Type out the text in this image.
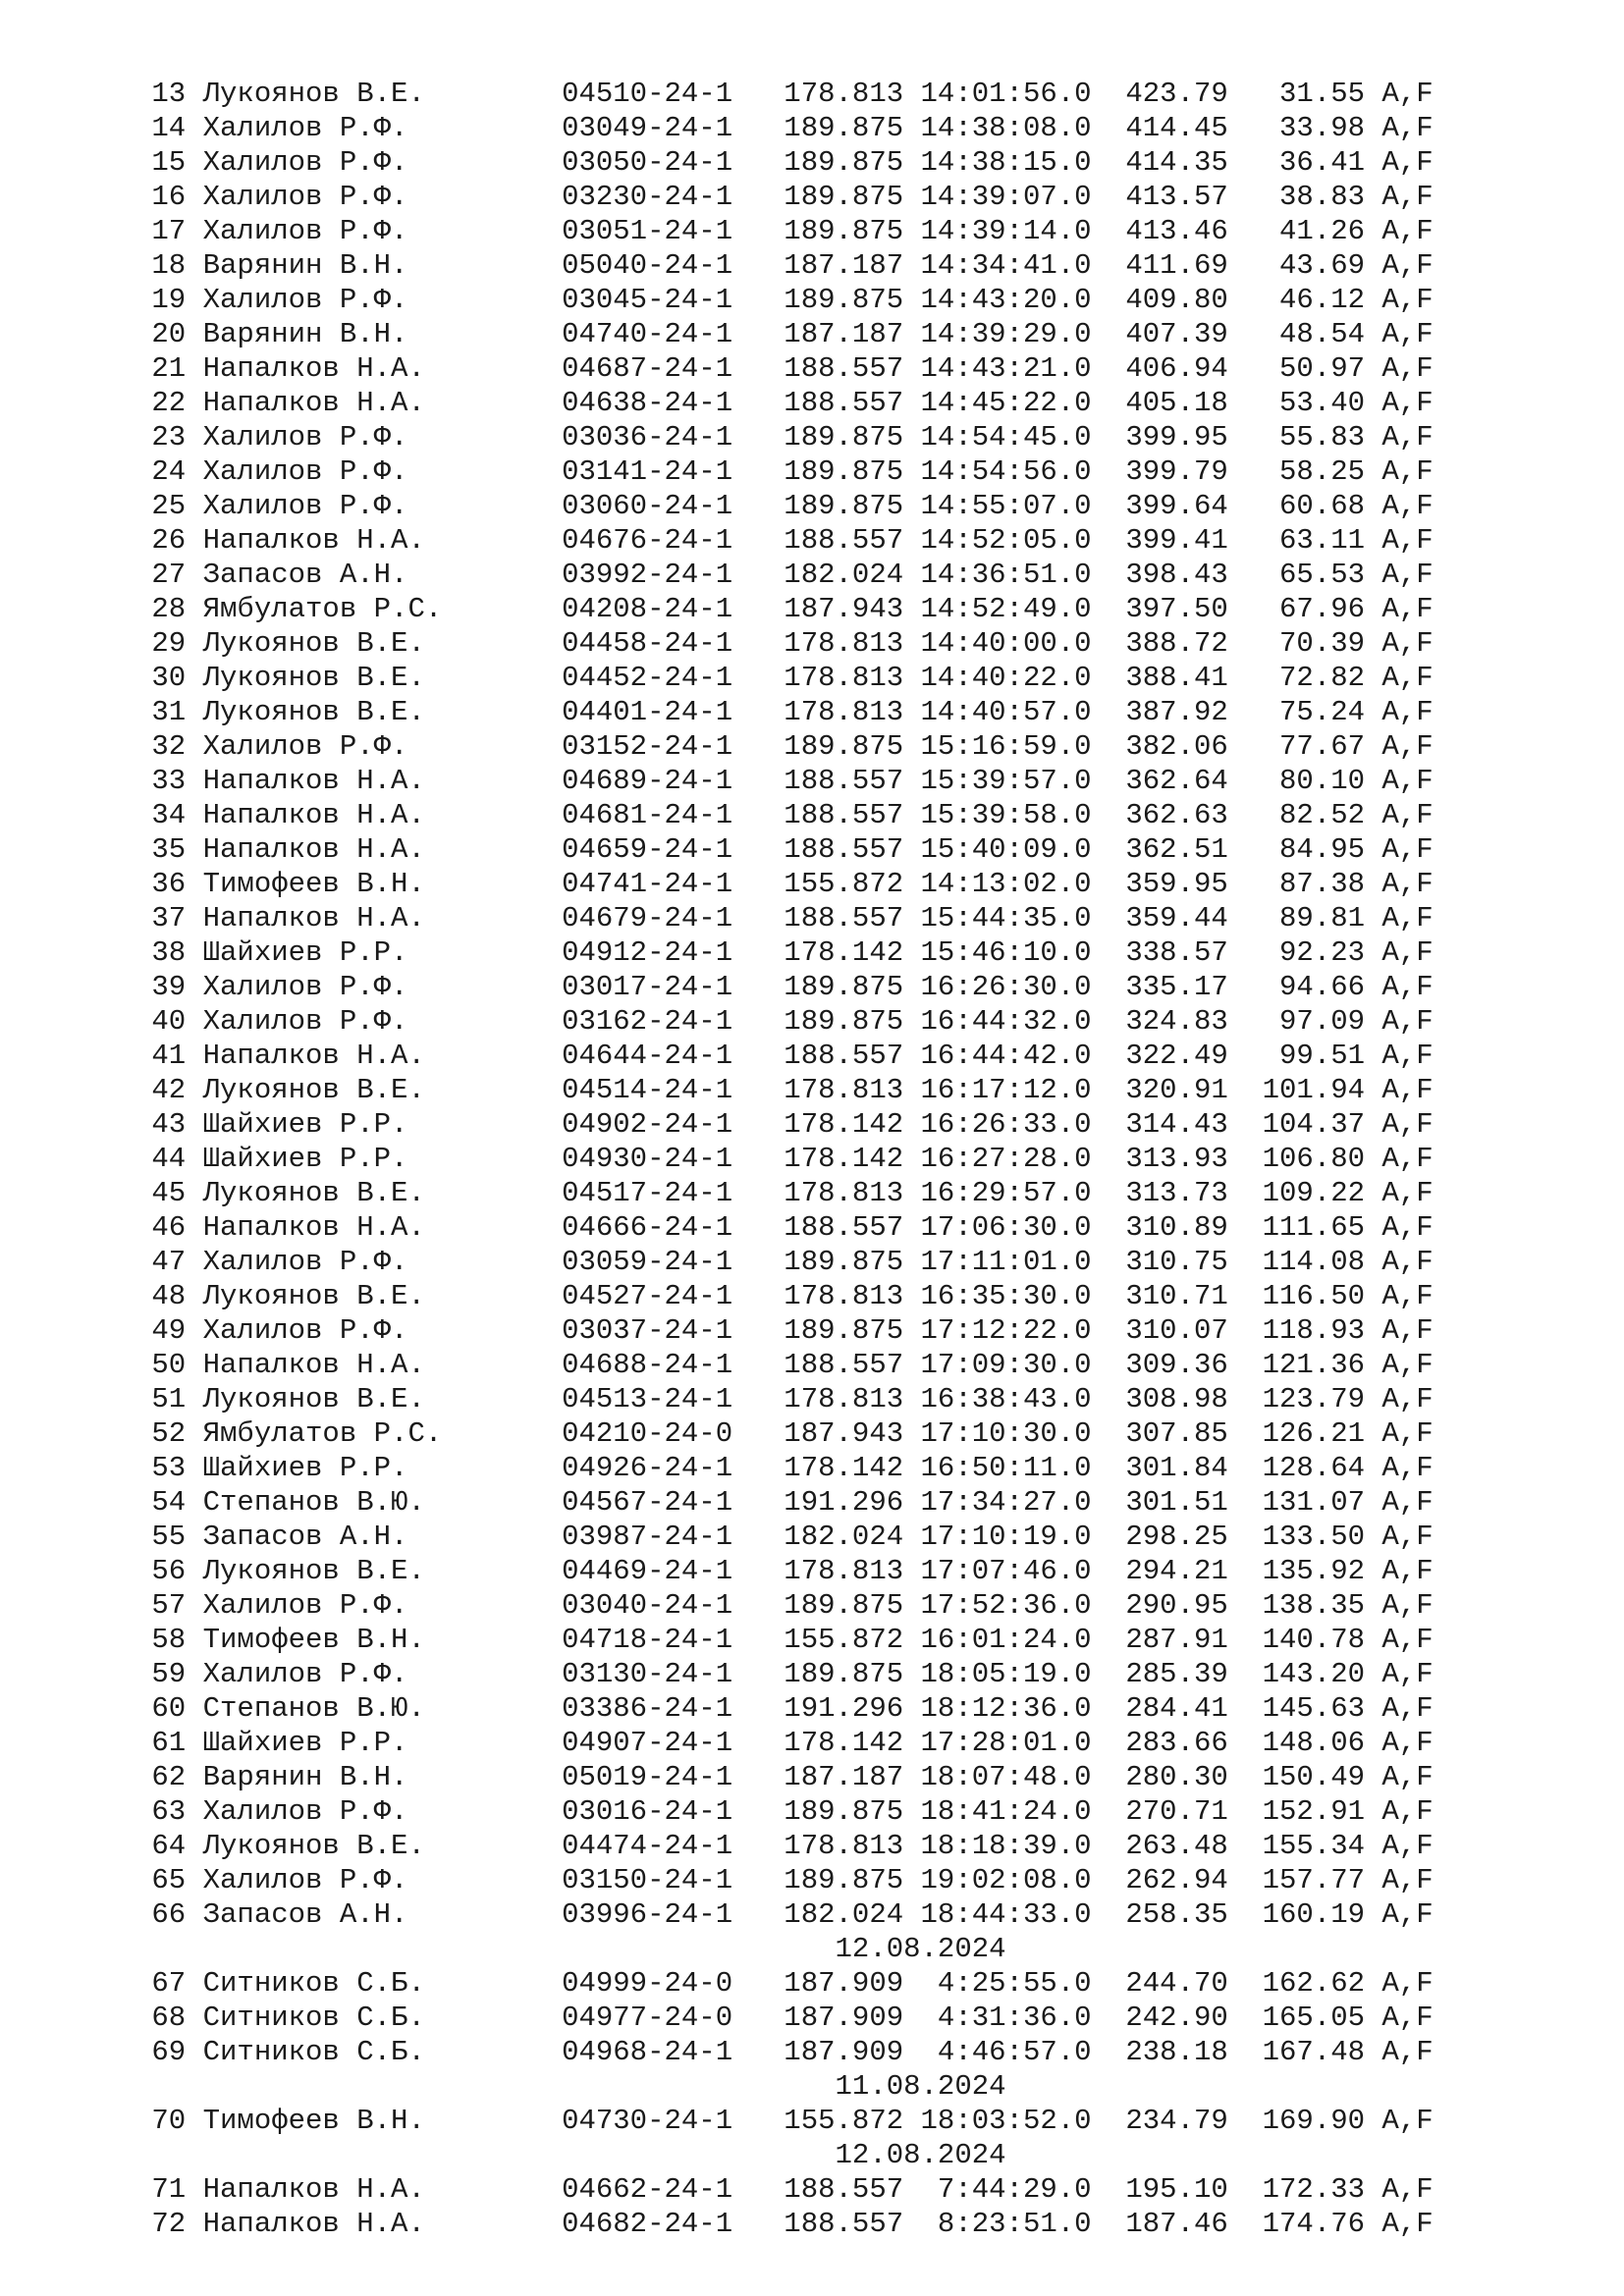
13 Лукоянов В.Е.        04510-24-1   178.813 14:01:56.0  423.79   31.55 A,F
14 Халилов Р.Ф.         03049-24-1   189.875 14:38:08.0  414.45   33.98 A,F
15 Халилов Р.Ф.         03050-24-1   189.875 14:38:15.0  414.35   36.41 A,F
16 Халилов Р.Ф.         03230-24-1   189.875 14:39:07.0  413.57   38.83 A,F
17 Халилов Р.Ф.         03051-24-1   189.875 14:39:14.0  413.46   41.26 A,F
18 Варянин В.Н.         05040-24-1   187.187 14:34:41.0  411.69   43.69 A,F
19 Халилов Р.Ф.         03045-24-1   189.875 14:43:20.0  409.80   46.12 A,F
20 Варянин В.Н.         04740-24-1   187.187 14:39:29.0  407.39   48.54 A,F
21 Напалков Н.А.        04687-24-1   188.557 14:43:21.0  406.94   50.97 A,F
22 Напалков Н.А.        04638-24-1   188.557 14:45:22.0  405.18   53.40 A,F
23 Халилов Р.Ф.         03036-24-1   189.875 14:54:45.0  399.95   55.83 A,F
24 Халилов Р.Ф.         03141-24-1   189.875 14:54:56.0  399.79   58.25 A,F
25 Халилов Р.Ф.         03060-24-1   189.875 14:55:07.0  399.64   60.68 A,F
26 Напалков Н.А.        04676-24-1   188.557 14:52:05.0  399.41   63.11 A,F
27 Запасов А.Н.         03992-24-1   182.024 14:36:51.0  398.43   65.53 A,F
28 Ямбулатов Р.С.       04208-24-1   187.943 14:52:49.0  397.50   67.96 A,F
29 Лукоянов В.Е.        04458-24-1   178.813 14:40:00.0  388.72   70.39 A,F
30 Лукоянов В.Е.        04452-24-1   178.813 14:40:22.0  388.41   72.82 A,F
31 Лукоянов В.Е.        04401-24-1   178.813 14:40:57.0  387.92   75.24 A,F
32 Халилов Р.Ф.         03152-24-1   189.875 15:16:59.0  382.06   77.67 A,F
33 Напалков Н.А.        04689-24-1   188.557 15:39:57.0  362.64   80.10 A,F
34 Напалков Н.А.        04681-24-1   188.557 15:39:58.0  362.63   82.52 A,F
35 Напалков Н.А.        04659-24-1   188.557 15:40:09.0  362.51   84.95 A,F
36 Тимофеев В.Н.        04741-24-1   155.872 14:13:02.0  359.95   87.38 A,F
37 Напалков Н.А.        04679-24-1   188.557 15:44:35.0  359.44   89.81 A,F
38 Шайхиев Р.Р.         04912-24-1   178.142 15:46:10.0  338.57   92.23 A,F
39 Халилов Р.Ф.         03017-24-1   189.875 16:26:30.0  335.17   94.66 A,F
40 Халилов Р.Ф.         03162-24-1   189.875 16:44:32.0  324.83   97.09 A,F
41 Напалков Н.А.        04644-24-1   188.557 16:44:42.0  322.49   99.51 A,F
42 Лукоянов В.Е.        04514-24-1   178.813 16:17:12.0  320.91  101.94 A,F
43 Шайхиев Р.Р.         04902-24-1   178.142 16:26:33.0  314.43  104.37 A,F
44 Шайхиев Р.Р.         04930-24-1   178.142 16:27:28.0  313.93  106.80 A,F
45 Лукоянов В.Е.        04517-24-1   178.813 16:29:57.0  313.73  109.22 A,F
46 Напалков Н.А.        04666-24-1   188.557 17:06:30.0  310.89  111.65 A,F
47 Халилов Р.Ф.         03059-24-1   189.875 17:11:01.0  310.75  114.08 A,F
48 Лукоянов В.Е.        04527-24-1   178.813 16:35:30.0  310.71  116.50 A,F
49 Халилов Р.Ф.         03037-24-1   189.875 17:12:22.0  310.07  118.93 A,F
50 Напалков Н.А.        04688-24-1   188.557 17:09:30.0  309.36  121.36 A,F
51 Лукоянов В.Е.        04513-24-1   178.813 16:38:43.0  308.98  123.79 A,F
52 Ямбулатов Р.С.       04210-24-0   187.943 17:10:30.0  307.85  126.21 A,F
53 Шайхиев Р.Р.         04926-24-1   178.142 16:50:11.0  301.84  128.64 A,F
54 Степанов В.Ю.        04567-24-1   191.296 17:34:27.0  301.51  131.07 A,F
55 Запасов А.Н.         03987-24-1   182.024 17:10:19.0  298.25  133.50 A,F
56 Лукоянов В.Е.        04469-24-1   178.813 17:07:46.0  294.21  135.92 A,F
57 Халилов Р.Ф.         03040-24-1   189.875 17:52:36.0  290.95  138.35 A,F
58 Тимофеев В.Н.        04718-24-1   155.872 16:01:24.0  287.91  140.78 A,F
59 Халилов Р.Ф.         03130-24-1   189.875 18:05:19.0  285.39  143.20 A,F
60 Степанов В.Ю.        03386-24-1   191.296 18:12:36.0  284.41  145.63 A,F
61 Шайхиев Р.Р.         04907-24-1   178.142 17:28:01.0  283.66  148.06 A,F
62 Варянин В.Н.         05019-24-1   187.187 18:07:48.0  280.30  150.49 A,F
63 Халилов Р.Ф.         03016-24-1   189.875 18:41:24.0  270.71  152.91 A,F
64 Лукоянов В.Е.        04474-24-1   178.813 18:18:39.0  263.48  155.34 A,F
65 Халилов Р.Ф.         03150-24-1   189.875 19:02:08.0  262.94  157.77 A,F
66 Запасов А.Н.         03996-24-1   182.024 18:44:33.0  258.35  160.19 A,F
12.08.2024
67 Ситников С.Б.        04999-24-0   187.909  4:25:55.0  244.70  162.62 A,F
68 Ситников С.Б.        04977-24-0   187.909  4:31:36.0  242.90  165.05 A,F
69 Ситников С.Б.        04968-24-1   187.909  4:46:57.0  238.18  167.48 A,F
11.08.2024
70 Тимофеев В.Н.        04730-24-1   155.872 18:03:52.0  234.79  169.90 A,F
12.08.2024
71 Напалков Н.А.        04662-24-1   188.557  7:44:29.0  195.10  172.33 A,F
72 Напалков Н.А.        04682-24-1   188.557  8:23:51.0  187.46  174.76 A,F
